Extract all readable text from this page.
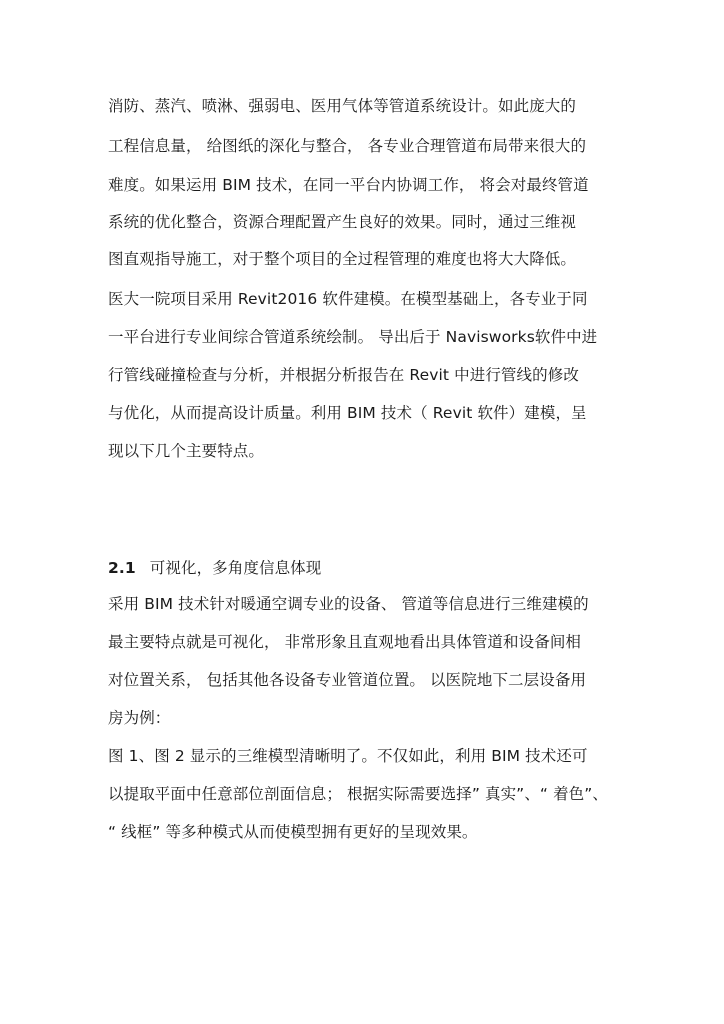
消防、蒸汽、喷淋、强弱电、医用气体等管道系统设计。如此庞大的
工程信息量， 给图纸的深化与整合， 各专业合理管道布局带来很大的
难度。如果运用 BIM 技术，在同一平台内协调工作， 将会对最终管道
系统的优化整合，资源合理配置产生良好的效果。同时，通过三维视
图直观指导施工，对于整个项目的全过程管理的难度也将大大降低。
医大一院项目采用 Revit2016 软件建模。在模型基础上，各专业于同
一平台进行专业间综合管道系统绘制。 导出后于 Navisworks软件中进
行管线碰撞检查与分析，并根据分析报告在 Revit 中进行管线的修改
与优化，从而提高设计质量。利用 BIM 技术（ Revit 软件）建模，呈
现以下几个主要特点。
2.1 可视化，多角度信息体现
采用 BIM 技术针对暖通空调专业的设备、 管道等信息进行三维建模的
最主要特点就是可视化， 非常形象且直观地看出具体管道和设备间相
对位置关系， 包括其他各设备专业管道位置。 以医院地下二层设备用
房为例：
图 1、图 2 显示的三维模型清晰明了。不仅如此，利用 BIM 技术还可
以提取平面中任意部位剖面信息； 根据实际需要选择” 真实”、“ 着色”、
“ 线框” 等多种模式从而使模型拥有更好的呈现效果。
